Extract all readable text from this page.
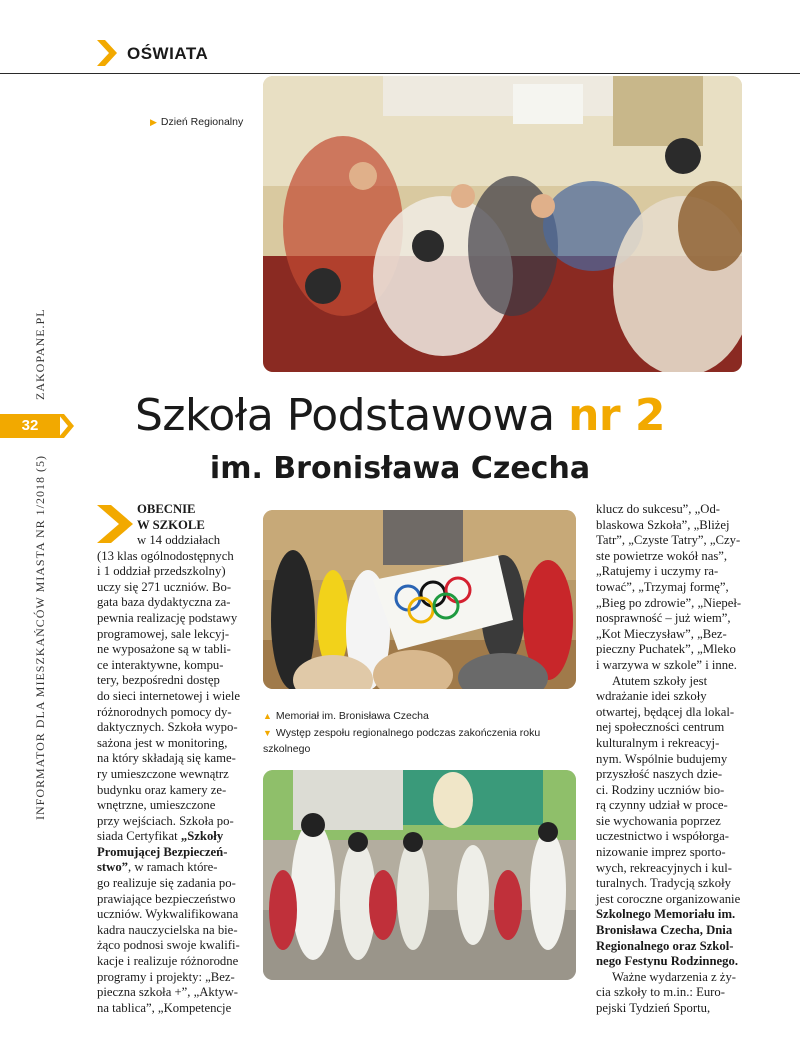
OŚWIATA
▶ Dzień Regionalny
ZAKOPANE.PL
32
INFORMATOR DLA MIESZKAŃCÓW MIASTA NR 1/2018 (5)
Szkoła Podstawowa nr 2
im. Bronisława Czecha
OBECNIE
W SZKOLE
w 14 oddziałach
(13 klas ogólnodostępnych
i 1 oddział przedszkolny)
uczy się 271 uczniów. Bo-
gata baza dydaktyczna za-
pewnia realizację podstawy
programowej, sale lekcyj-
ne wyposażone są w tabli-
ce interaktywne, kompu-
tery, bezpośredni dostęp
do sieci internetowej i wiele
różnorodnych pomocy dy-
daktycznych. Szkoła wypo-
sażona jest w monitoring,
na który składają się kame-
ry umieszczone wewnątrz
budynku oraz kamery ze-
wnętrzne, umieszczone
przy wejściach. Szkoła po-
siada Certyfikat „Szkoły
Promującej Bezpieczeń-
stwo”, w ramach które-
go realizuje się zadania po-
prawiające bezpieczeństwo
uczniów. Wykwalifikowana
kadra nauczycielska na bie-
żąco podnosi swoje kwalifi-
kacje i realizuje różnorodne
programy i projekty: „Bez-
pieczna szkoła +”, „Aktyw-
na tablica”, „Kompetencje
▲ Memoriał im. Bronisława Czecha
▼ Występ zespołu regionalnego podczas zakończenia roku szkolnego
klucz do sukcesu”, „Od-
blaskowa Szkoła”, „Bliżej
Tatr”, „Czyste Tatry”, „Czy-
ste powietrze wokół nas”,
„Ratujemy i uczymy ra-
tować”, „Trzymaj formę”,
„Bieg po zdrowie”, „Niepeł-
nosprawność – już wiem”,
„Kot Mieczysław”, „Bez-
pieczny Puchatek”, „Mleko
i warzywa w szkole” i inne.
Atutem szkoły jest
wdrażanie idei szkoły
otwartej, będącej dla lokal-
nej społeczności centrum
kulturalnym i rekreacyj-
nym. Wspólnie budujemy
przyszłość naszych dzie-
ci. Rodziny uczniów bio-
rą czynny udział w proce-
sie wychowania poprzez
uczestnictwo i współorga-
nizowanie imprez sporto-
wych, rekreacyjnych i kul-
turalnych. Tradycją szkoły
jest coroczne organizowanie
Szkolnego Memoriału im.
Bronisława Czecha, Dnia
Regionalnego oraz Szkol-
nego Festynu Rodzinnego.
Ważne wydarzenia z ży-
cia szkoły to m.in.: Euro-
pejski Tydzień Sportu,
